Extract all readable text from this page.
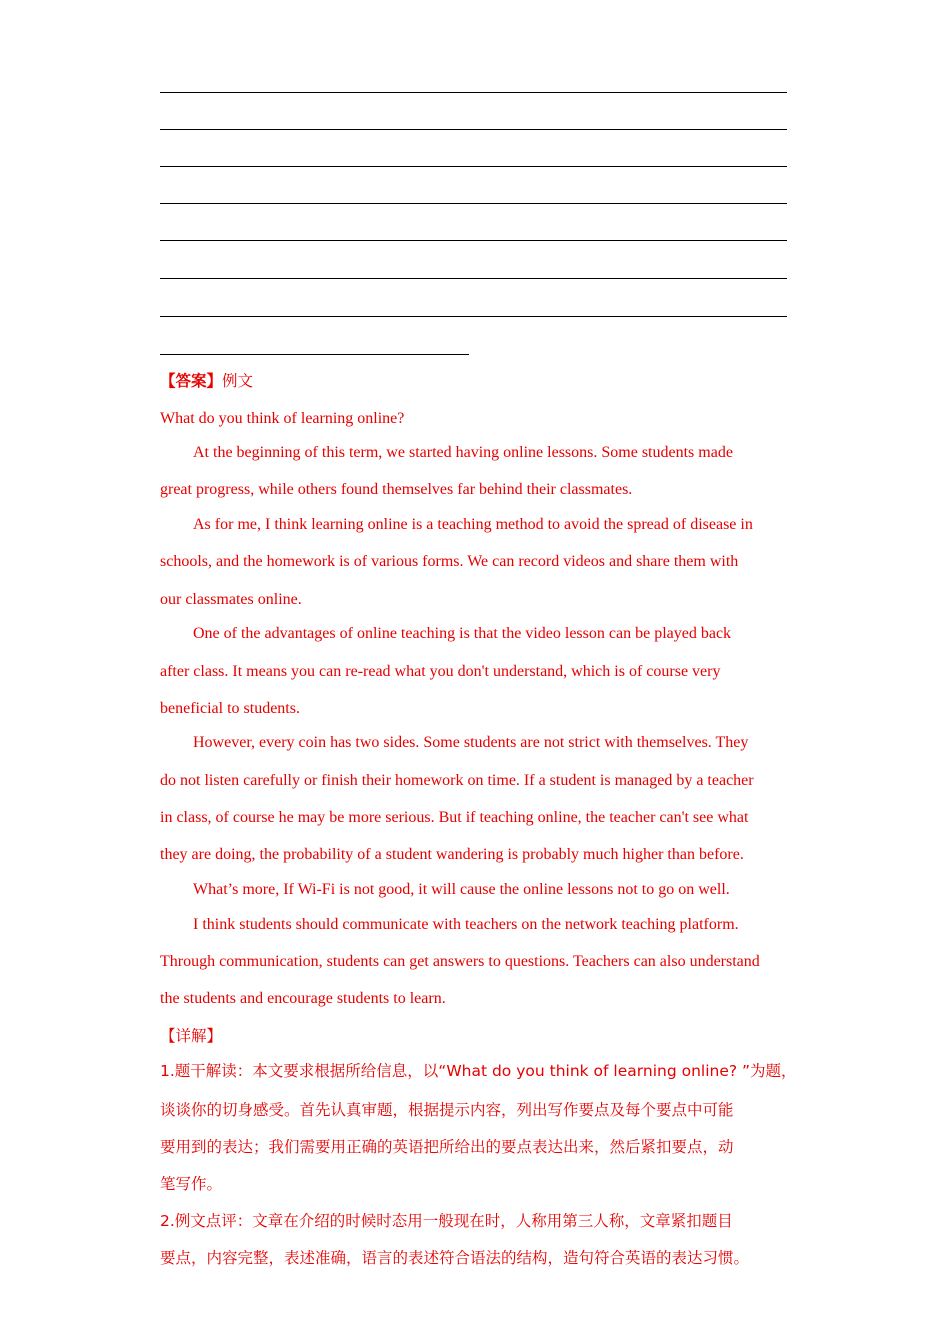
【答案】例文
What do you think of learning online?
At the beginning of this term, we started having online lessons. Some students made
great progress, while others found themselves far behind their classmates.
As for me, I think learning online is a teaching method to avoid the spread of disease in
schools, and the homework is of various forms. We can record videos and share them with
our classmates online.
One of the advantages of online teaching is that the video lesson can be played back
after class. It means you can re-read what you don't understand, which is of course very
beneficial to students.
However, every coin has two sides. Some students are not strict with themselves. They
do not listen carefully or finish their homework on time. If a student is managed by a teacher
in class, of course he may be more serious. But if teaching online, the teacher can't see what
they are doing, the probability of a student wandering is probably much higher than before.
What’s more, If Wi-Fi is not good, it will cause the online lessons not to go on well.
I think students should communicate with teachers on the network teaching platform.
Through communication, students can get answers to questions. Teachers can also understand
the students and encourage students to learn.
【详解】
1.题干解读：本文要求根据所给信息，以“What do you think of learning online? ”为题，
谈谈你的切身感受。首先认真审题，根据提示内容，列出写作要点及每个要点中可能
要用到的表达；我们需要用正确的英语把所给出的要点表达出来，然后紧扣要点，动
笔写作。
2.例文点评：文章在介绍的时候时态用一般现在时，人称用第三人称，文章紧扣题目
要点，内容完整，表述准确，语言的表述符合语法的结构，造句符合英语的表达习惯。
